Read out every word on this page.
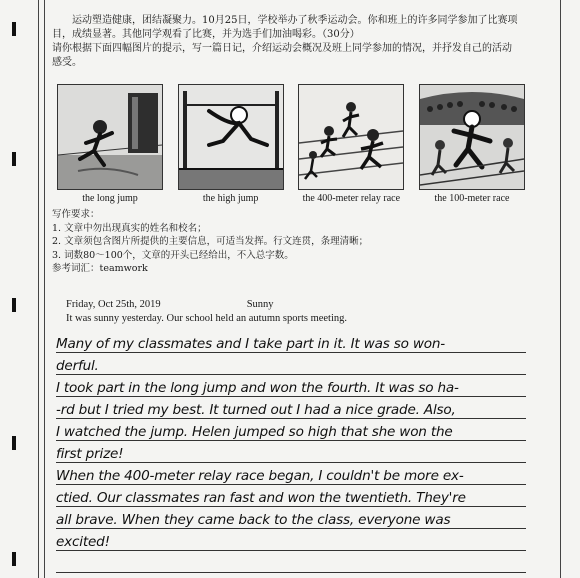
运动塑造健康，团结凝聚力。10月25日，学校举办了秋季运动会。你和班上的许多同学参加了比赛项

目，成绩显著。其他同学观看了比赛，并为选手们加油喝彩。（30分）

请你根据下面四幅图片的提示，写一篇日记，介绍运动会概况及班上同学参加的情况，并抒发自己的活动

感受。

the long jump	the high jump	the 400-meter relay race	the 100-meter race

写作要求：

1. 文章中勿出现真实的姓名和校名；

2. 文章须包含图片所提供的主要信息，可适当发挥。行文连贯，条理清晰；

3. 词数80～100个，文章的开头已经给出，不入总字数。

参考词汇：teamwork

Friday, Oct 25th, 2019	Sunny
It was sunny yesterday. Our school held an autumn sports meeting.
Many of my classmates and I take part in it. It was so won-
derful.
I took part in the long jump and won the fourth. It was so ha-
-rd but I tried my best. It turned out I had a nice grade. Also,
I watched the jump. Helen jumped so high that she won the
first prize!
When the 400-meter relay race began, I couldn't be more ex-
ctied. Our classmates ran fast and won the twentieth. They're
all brave. When they came back to the class, everyone was
excited!
